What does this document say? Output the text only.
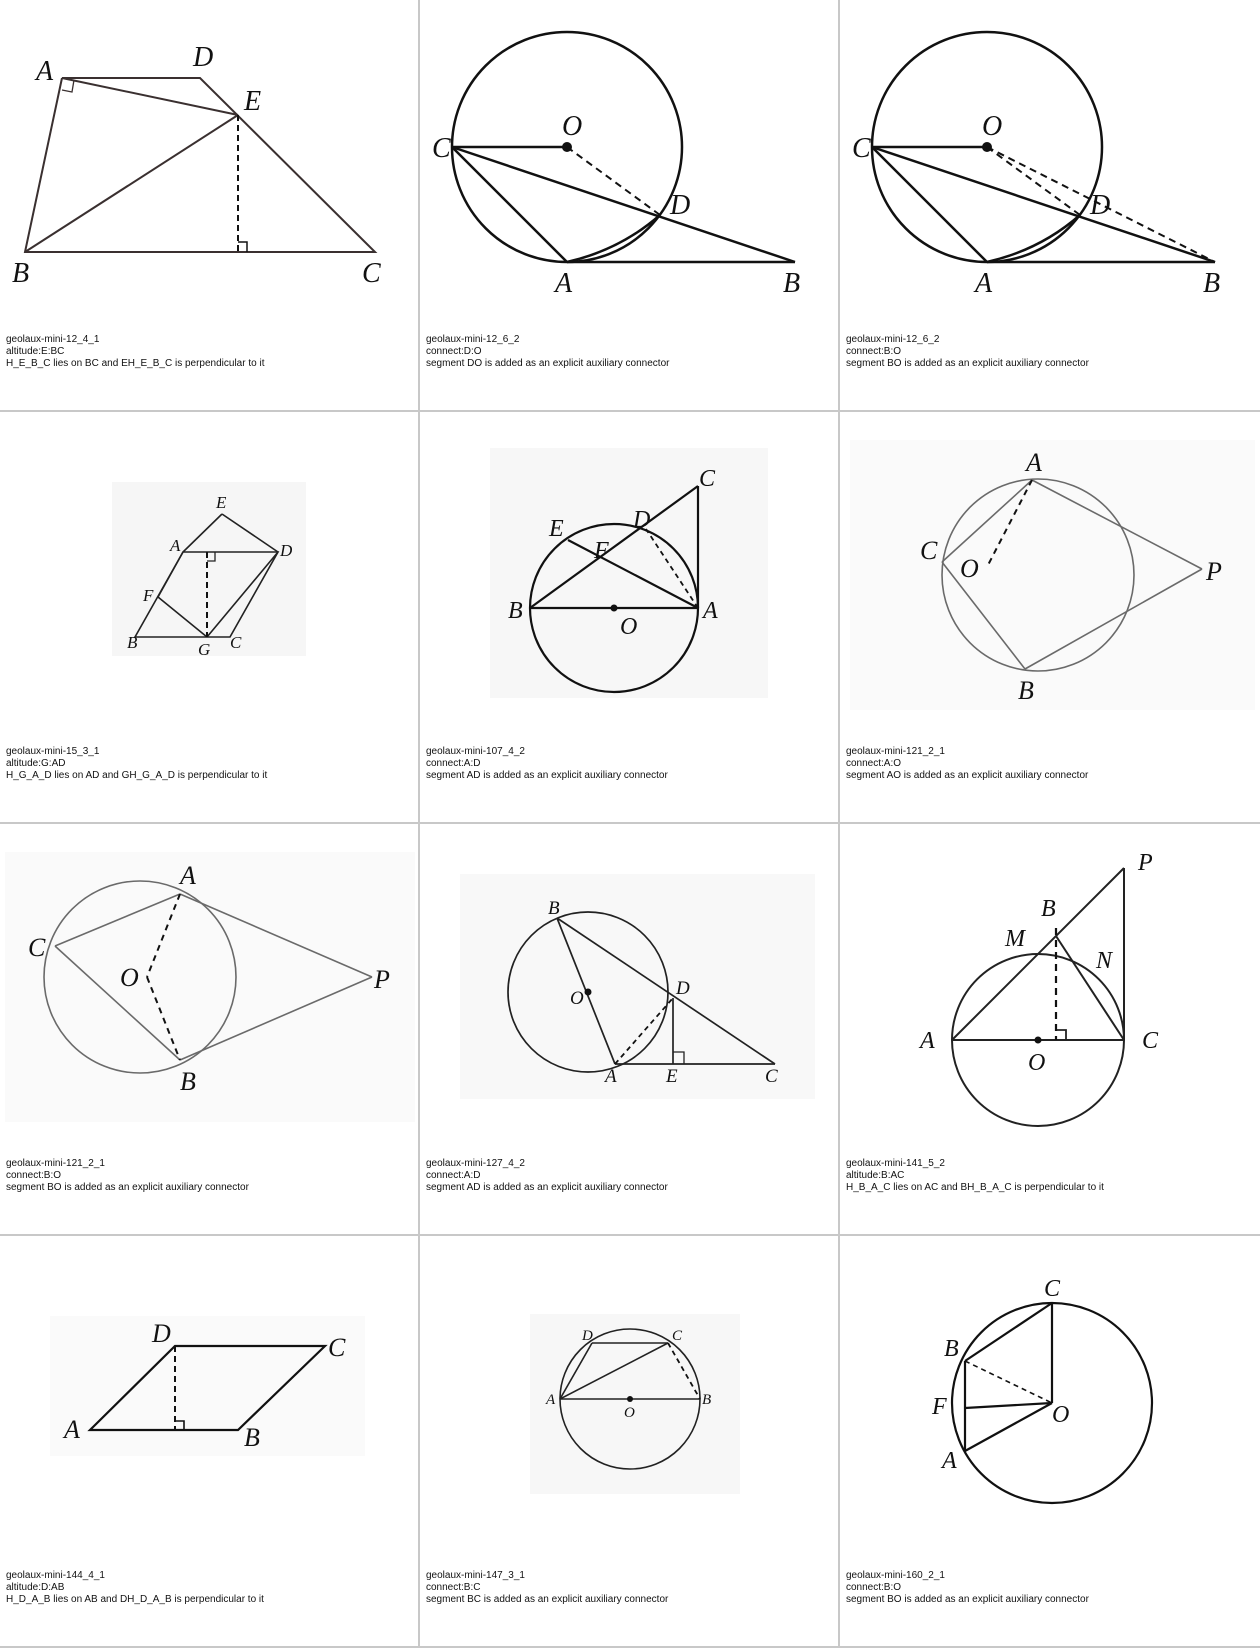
A	D
E
B	C
geolaux-mini-12_4_1
altitude:E:BC
H_E_B_C lies on BC and EH_E_B_C is perpendicular to it
C
O
D
A	B
geolaux-mini-12_6_2
connect:D:O
segment DO is added as an explicit auxiliary connector
C
O
D
A	B
geolaux-mini-12_6_2
connect:B:O
segment BO is added as an explicit auxiliary connector
E
A	D
F
B	C
G
geolaux-mini-15_3_1
altitude:G:AD
H_G_A_D lies on AD and GH_G_A_D is perpendicular to it
C
D
E
F
B	A
O
geolaux-mini-107_4_2
connect:A:D
segment AD is added as an explicit auxiliary connector
A
C
O	P
B
geolaux-mini-121_2_1
connect:A:O
segment AO is added as an explicit auxiliary connector
A
C
O	P
B
geolaux-mini-121_2_1
connect:B:O
segment BO is added as an explicit auxiliary connector
B
O	D
A	E	C
geolaux-mini-127_4_2
connect:A:D
segment AD is added as an explicit auxiliary connector
P
B
M
N
A	C
O
geolaux-mini-141_5_2
altitude:B:AC
H_B_A_C lies on AC and BH_B_A_C is perpendicular to it
D	C
A	B
geolaux-mini-144_4_1
altitude:D:AB
H_D_A_B lies on AB and DH_D_A_B is perpendicular to it
D	C
A	B
O
geolaux-mini-147_3_1
connect:B:C
segment BC is added as an explicit auxiliary connector
C
B
F
A
O
geolaux-mini-160_2_1
connect:B:O
segment BO is added as an explicit auxiliary connector
